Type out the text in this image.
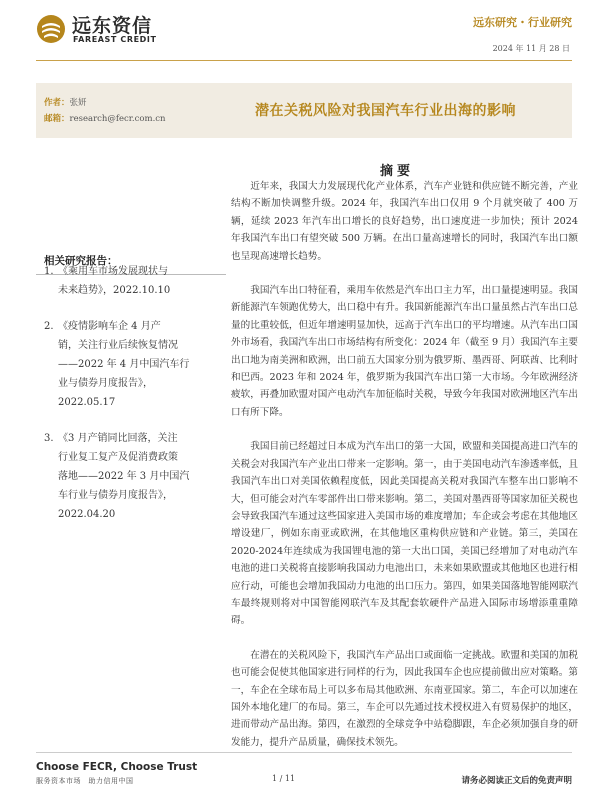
远东资信
FAREAST CREDIT
远东研究・行业研究
2024 年 11 月 28 日
作者：张妍
邮箱：research@fecr.com.cn	潜在关税风险对我国汽车行业出海的影响
相关研究报告：
1. 《乘用车市场发展现状与
未来趋势》，2022.10.10
2. 《疫情影响车企 4 月产
销，关注行业后续恢复情况
——2022 年 4 月中国汽车行
业与债券月度报告》，
2022.05.17
3. 《3 月产销同比回落，关注
行业复工复产及促消费政策
落地——2022 年 3 月中国汽
车行业与债券月度报告》，
2022.04.20
摘要

近年来，我国大力发展现代化产业体系，汽车产业链和供应链不断完善，产业结构不断加快调整升级。2024 年，我国汽车出口仅用 9 个月就突破了 400 万辆，延续 2023 年汽车出口增长的良好趋势，出口速度进一步加快；预计 2024 年我国汽车出口有望突破 500 万辆。在出口量高速增长的同时，我国汽车出口额也呈现高速增长趋势。

我国汽车出口特征看，乘用车依然是汽车出口主力军，出口量提速明显。我国新能源汽车领跑优势大，出口稳中有升。我国新能源汽车出口量虽然占汽车出口总量的比重较低，但近年增速明显加快，远高于汽车出口的平均增速。从汽车出口国外市场看，我国汽车出口市场结构有所变化：2024 年（截至 9 月）我国汽车主要出口地为南美洲和欧洲，出口前五大国家分别为俄罗斯、墨西哥、阿联酋、比利时和巴西。2023 年和 2024 年，俄罗斯为我国汽车出口第一大市场。今年欧洲经济疲软，再叠加欧盟对国产电动汽车加征临时关税，导致今年我国对欧洲地区汽车出口有所下降。

我国目前已经超过日本成为汽车出口的第一大国，欧盟和美国提高进口汽车的关税会对我国汽车产业出口带来一定影响。第一，由于美国电动汽车渗透率低，且我国汽车出口对美国依赖程度低，因此美国提高关税对我国汽车整车出口影响不大，但可能会对汽车零部件出口带来影响。第二，美国对墨西哥等国家加征关税也会导致我国汽车通过这些国家进入美国市场的难度增加；车企或会考虑在其他地区增设建厂，例如东南亚或欧洲，在其他地区重构供应链和产业链。第三，美国在2020-2024年连续成为我国锂电池的第一大出口国，美国已经增加了对电动汽车电池的进口关税将直接影响我国动力电池出口，未来如果欧盟或其他地区也进行相应行动，可能也会增加我国动力电池的出口压力。第四，如果美国落地智能网联汽车最终规则将对中国智能网联汽车及其配套软硬件产品进入国际市场增添重重障碍。

在潜在的关税风险下，我国汽车产品出口或面临一定挑战。欧盟和美国的加税也可能会促使其他国家进行同样的行为，因此我国车企也应提前做出应对策略。第一，车企在全球布局上可以多布局其他欧洲、东南亚国家。第二，车企可以加速在国外本地化建厂的布局。第三，车企可以先通过技术授权进入有贸易保护的地区，进而带动产品出海。第四，在激烈的全球竞争中站稳脚跟，车企必须加强自身的研发能力，提升产品质量，确保技术领先。

Choose FECR, Choose Trust
服务资本市场　助力信用中国	1 / 11	请务必阅读正文后的免责声明
